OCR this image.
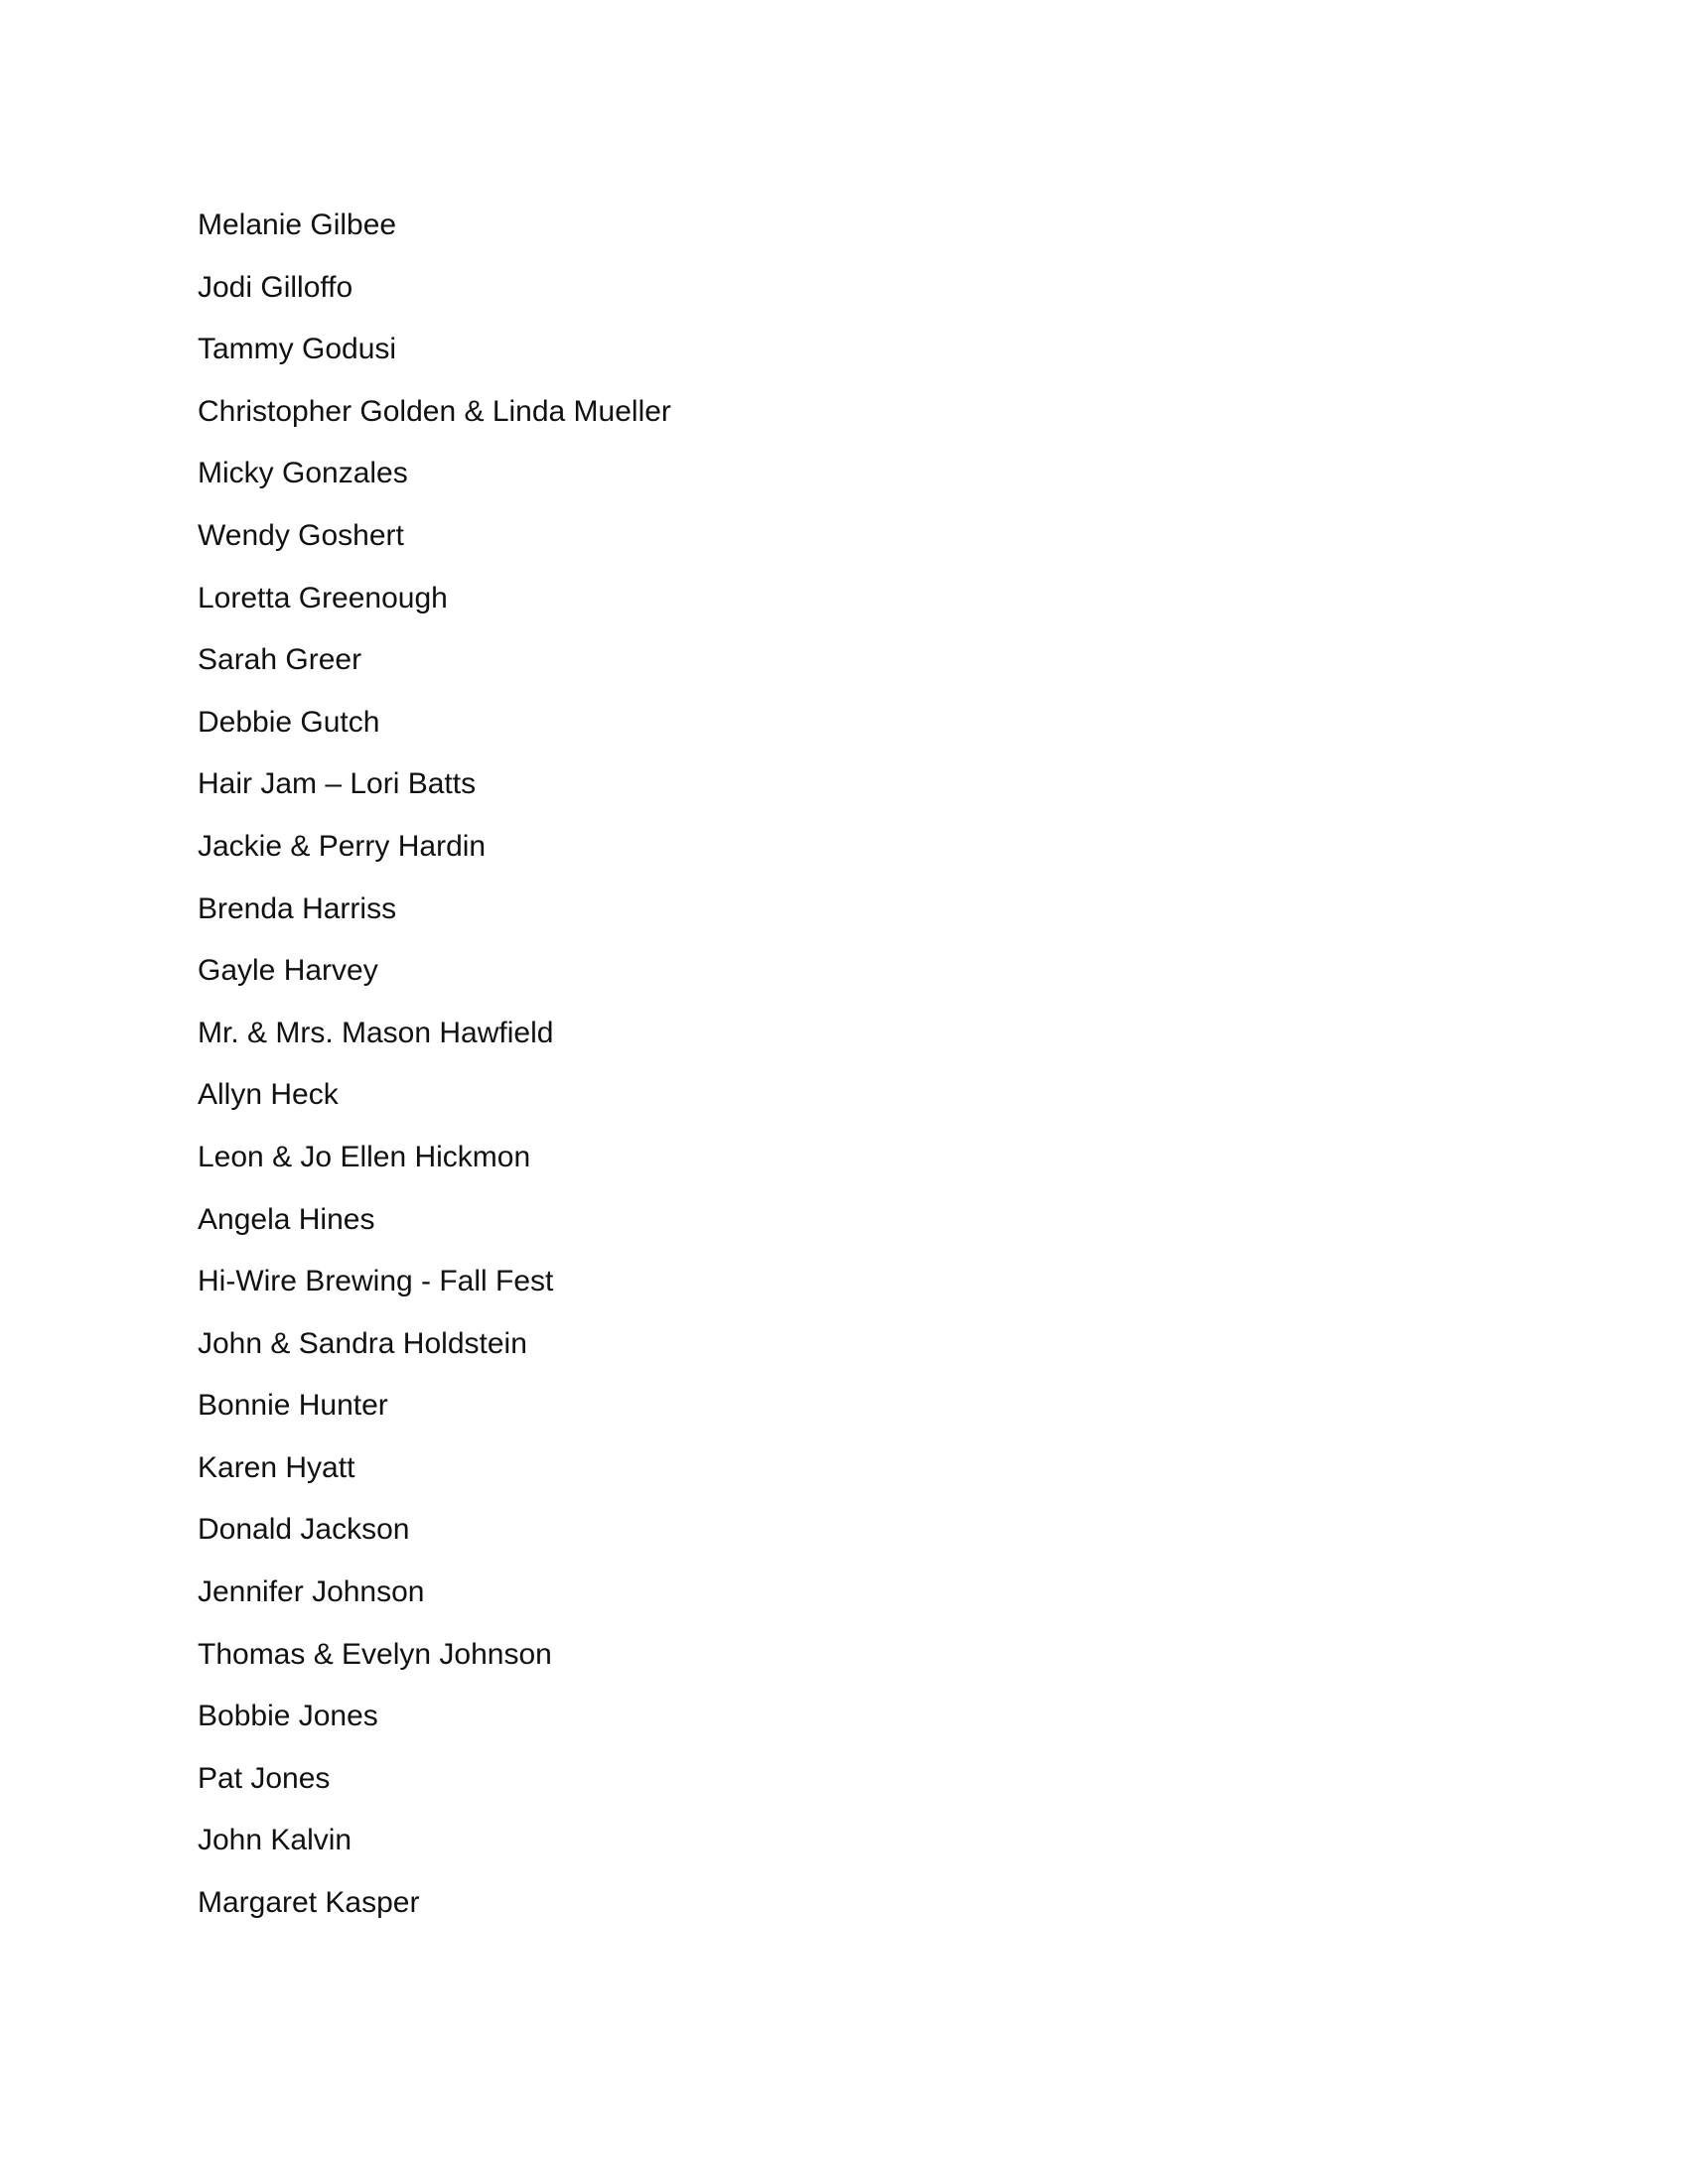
Melanie Gilbee
Jodi Gilloffo
Tammy Godusi
Christopher Golden & Linda Mueller
Micky Gonzales
Wendy Goshert
Loretta Greenough
Sarah Greer
Debbie Gutch
Hair Jam – Lori Batts
Jackie & Perry Hardin
Brenda Harriss
Gayle Harvey
Mr. & Mrs. Mason Hawfield
Allyn Heck
Leon & Jo Ellen Hickmon
Angela Hines
Hi-Wire Brewing - Fall Fest
John & Sandra Holdstein
Bonnie Hunter
Karen Hyatt
Donald Jackson
Jennifer Johnson
Thomas & Evelyn Johnson
Bobbie Jones
Pat Jones
John Kalvin
Margaret Kasper
